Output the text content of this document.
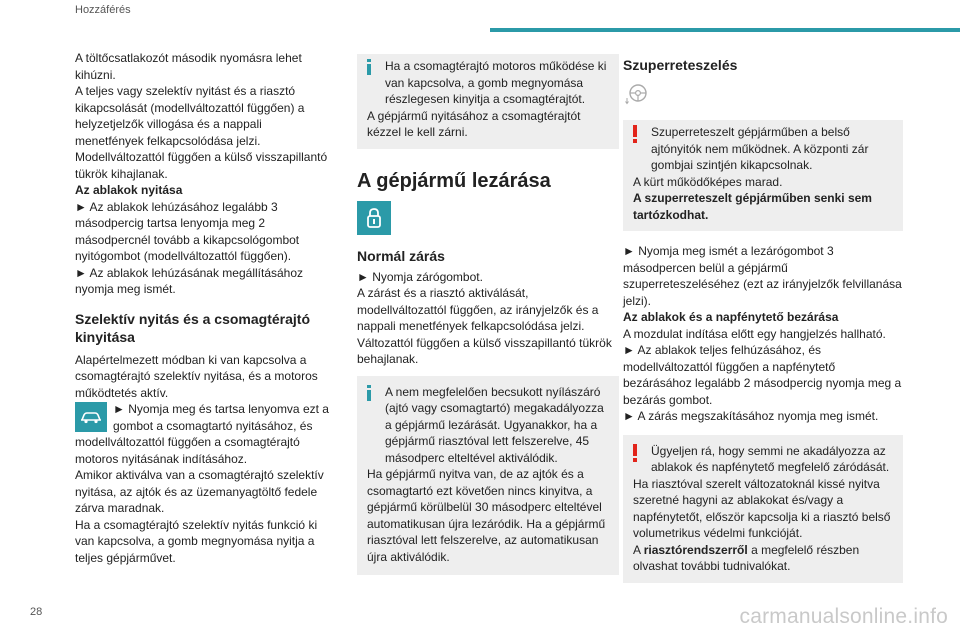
Hozzáférés

A töltőcsatlakozót második nyomásra lehet kihúzni.

A teljes vagy szelektív nyitást és a riasztó kikapcsolását (modellváltozattól függően) a helyzetjelzők villogása és a nappali menetfények felkapcsolódása jelzi.

Modellváltozattól függően a külső visszapillantó tükrök kihajlanak.

Az ablakok nyitása

► Az ablakok lehúzásához legalább 3 másodpercig tartsa lenyomja meg 2 másodpercnél tovább a kikapcsológombot nyitógombot (modellváltozattól függően).

► Az ablakok lehúzásának megállításához nyomja meg ismét.

Szelektív nyitás és a csomagtérajtó kinyitása

Alapértelmezett módban ki van kapcsolva a csomagtérajtó szelektív nyitása, és a motoros működtetés aktív.

► Nyomja meg és tartsa lenyomva ezt a gombot a csomagtartó nyitásához, és modellváltozattól függően a csomagtérajtó motoros nyitásának indításához.

Amikor aktiválva van a csomagtérajtó szelektív nyitása, az ajtók és az üzemanyagtöltő fedele zárva maradnak.

Ha a csomagtérajtó szelektív nyitás funkció ki van kapcsolva, a gomb megnyomása nyitja a teljes gépjárművet.

Ha a csomagtérajtó motoros működése ki van kapcsolva, a gomb megnyomása részlegesen kinyitja a csomagtérajtót.

A gépjármű nyitásához a csomagtérajtót kézzel le kell zárni.

A gépjármű lezárása
Normál zárás

► Nyomja zárógombot.

A zárást és a riasztó aktiválását, modellváltozattól függően, az irányjelzők és a nappali menetfények felkapcsolódása jelzi.

Változattól függően a külső visszapillantó tükrök behajlanak.

A nem megfelelően becsukott nyílászáró (ajtó vagy csomagtartó) megakadályozza a gépjármű lezárását. Ugyanakkor, ha a gépjármű riasztóval lett felszerelve, 45 másodperc elteltével aktiválódik.

Ha gépjármű nyitva van, de az ajtók és a csomagtartó ezt követően nincs kinyitva, a gépjármű körülbelül 30 másodperc elteltével automatikusan újra lezáródik. Ha a gépjármű riasztóval lett felszerelve, az automatikusan újra aktiválódik.

Szuperreteszelés

Szuperreteszelt gépjárműben a belső ajtónyitók nem működnek. A központi zár gombjai szintjén kikapcsolnak.

A kürt működőképes marad.

A szuperreteszelt gépjárműben senki sem tartózkodhat.

► Nyomja meg ismét a lezárógombot 3 másodpercen belül a gépjármű szuperreteszeléséhez (ezt az irányjelzők felvillanása jelzi).

Az ablakok és a napfénytető bezárása

A mozdulat indítása előtt egy hangjelzés hallható.

► Az ablakok teljes felhúzásához, és modellváltozattól függően a napfénytető bezárásához legalább 2 másodpercig nyomja meg a bezárás gombot.

► A zárás megszakításához nyomja meg ismét.

Ügyeljen rá, hogy semmi ne akadályozza az ablakok és napfénytető megfelelő záródását.

Ha riasztóval szerelt változatoknál kissé nyitva szeretné hagyni az ablakokat és/vagy a napfénytetőt, először kapcsolja ki a riasztó belső volumetrikus védelmi funkcióját.

A riasztórendszerről a megfelelő részben olvashat további tudnivalókat.

28	carmanualsonline.info
